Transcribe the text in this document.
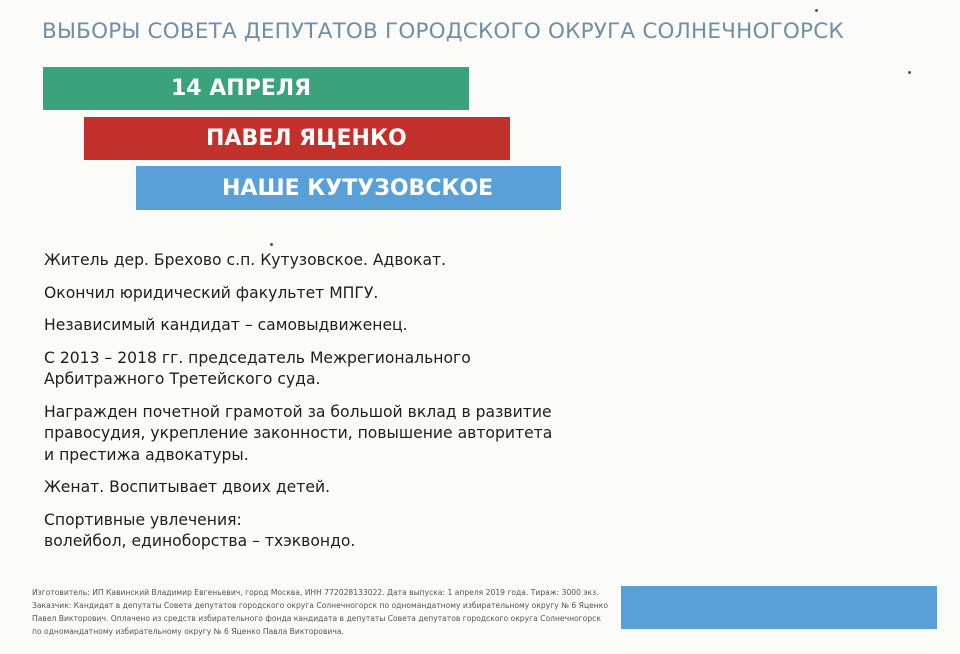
ВЫБОРЫ СОВЕТА ДЕПУТАТОВ ГОРОДСКОГО ОКРУГА СОЛНЕЧНОГОРСК
14 АПРЕЛЯ
ПАВЕЛ ЯЦЕНКО
НАШЕ КУТУЗОВСКОЕ

Житель дер. Брехово с.п. Кутузовское. Адвокат.

Окончил юридический факультет МПГУ.

Независимый кандидат – самовыдвиженец.

С 2013 – 2018 гг. председатель Межрегионального
Арбитражного Третейского суда.

Награжден почетной грамотой за большой вклад в развитие
правосудия, укрепление законности, повышение авторитета
и престижа адвокатуры.

Женат. Воспитывает двоих детей.

Спортивные увлечения:
волейбол, единоборства – тхэквондо.

Изготовитель: ИП Кавинский Владимир Евгеньевич, город Москва, ИНН 772028133022. Дата выпуска: 1 апреля 2019 года. Тираж: 3000 экз. Заказчик: Кандидат в депутаты Совета депутатов городского округа Солнечногорск по одномандатному избирательному округу № 6 Яценко Павел Викторович. Оплачено из средств избирательного фонда кандидата в депутаты Совета депутатов городского округа Солнечногорск по одномандатному избирательному округу № 6 Яценко Павла Викторовича.
